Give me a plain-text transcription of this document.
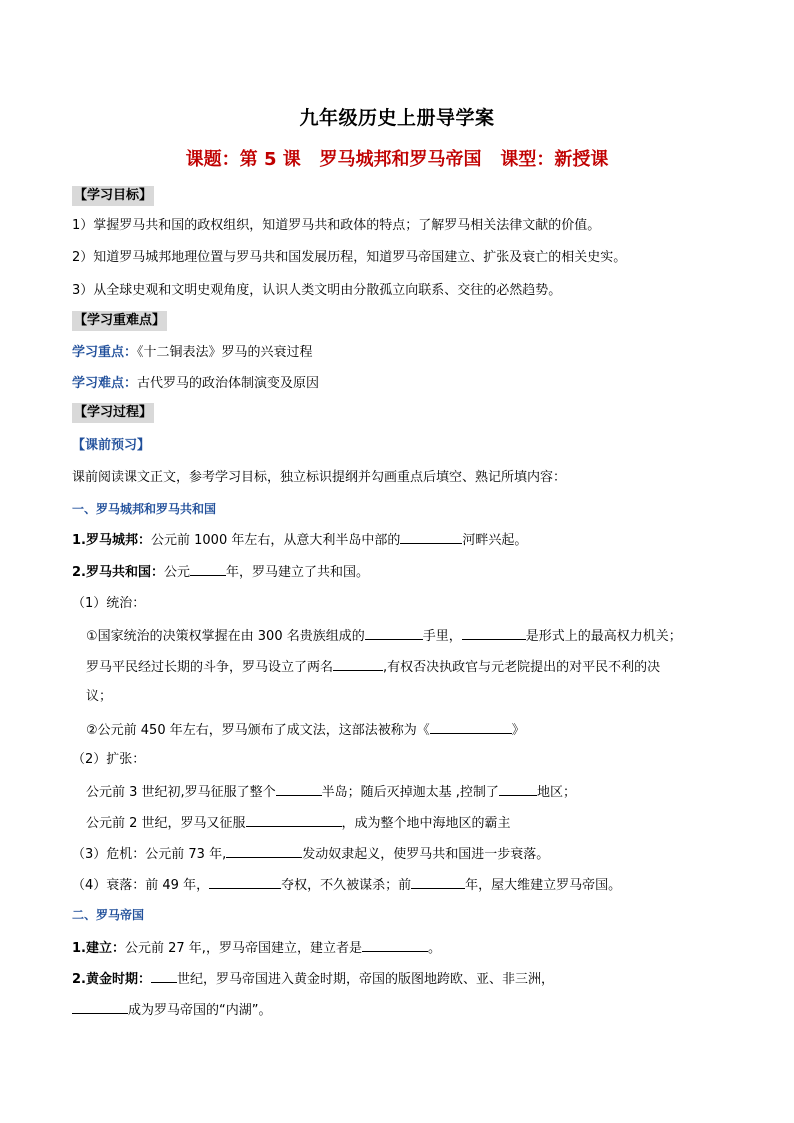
九年级历史上册导学案
课题：第 5 课   罗马城邦和罗马帝国   课型：新授课
【学习目标】
1）掌握罗马共和国的政权组织，知道罗马共和政体的特点；了解罗马相关法律文献的价值。
2）知道罗马城邦地理位置与罗马共和国发展历程，知道罗马帝国建立、扩张及衰亡的相关史实。
3）从全球史观和文明史观角度，认识人类文明由分散孤立向联系、交往的必然趋势。
【学习重难点】
学习重点：《十二铜表法》罗马的兴衰过程
学习难点：古代罗马的政治体制演变及原因
【学习过程】
【课前预习】
课前阅读课文正文，参考学习目标，独立标识提纲并勾画重点后填空、熟记所填内容：
一、罗马城邦和罗马共和国
1.罗马城邦：公元前 1000 年左右，从意大利半岛中部的	河畔兴起。
2.罗马共和国：公元	年，罗马建立了共和国。
（1）统治：
①国家统治的决策权掌握在由 300 名贵族组成的	手里，	是形式上的最高权力机关；
罗马平民经过长期的斗争，罗马设立了两名	,有权否决执政官与元老院提出的对平民不利的决
议；
②公元前 450 年左右，罗马颁布了成文法，这部法被称为《	》
（2）扩张：
公元前 3 世纪初,罗马征服了整个	半岛；随后灭掉迦太基 ,控制了	地区；
公元前 2 世纪，罗马又征服	，成为整个地中海地区的霸主
（3）危机：公元前 73 年,	发动奴隶起义，使罗马共和国进一步衰落。
（4）衰落：前 49 年，	夺权，不久被谋杀；前	年，屋大维建立罗马帝国。
二、罗马帝国
1.建立：公元前 27 年,，罗马帝国建立，建立者是	。
2.黄金时期： 世纪，罗马帝国进入黄金时期，帝国的版图地跨欧、亚、非三洲，
成为罗马帝国的“内湖”。
